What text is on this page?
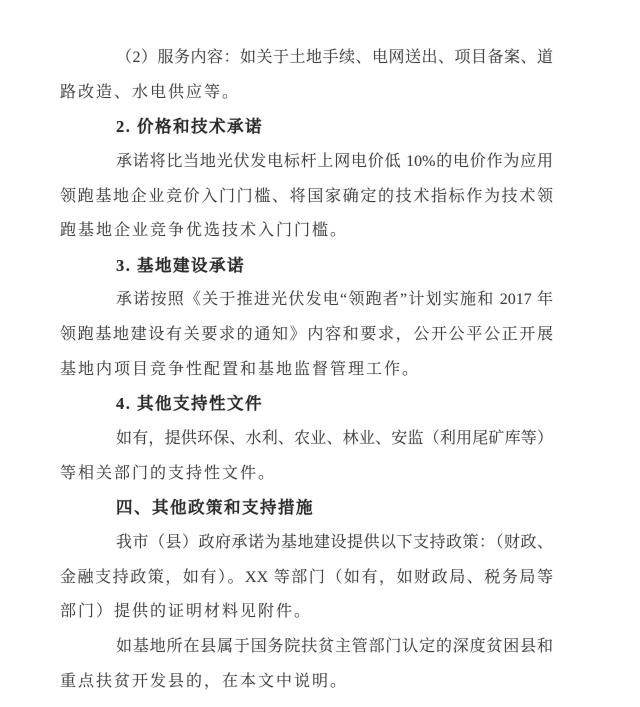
（2）服务内容：如关于土地手续、电网送出、项目备案、道
路改造、水电供应等。
2. 价格和技术承诺
承诺将比当地光伏发电标杆上网电价低 10%的电价作为应用
领跑基地企业竞价入门门槛、将国家确定的技术指标作为技术领
跑基地企业竞争优选技术入门门槛。
3. 基地建设承诺
承诺按照《关于推进光伏发电“领跑者”计划实施和 2017 年
领跑基地建设有关要求的通知》内容和要求，公开公平公正开展
基地内项目竞争性配置和基地监督管理工作。
4. 其他支持性文件
如有，提供环保、水利、农业、林业、安监（利用尾矿库等）
等相关部门的支持性文件。
四、其他政策和支持措施
我市（县）政府承诺为基地建设提供以下支持政策：（财政、
金融支持政策，如有）。XX 等部门（如有，如财政局、税务局等
部门）提供的证明材料见附件。
如基地所在县属于国务院扶贫主管部门认定的深度贫困县和
重点扶贫开发县的，在本文中说明。
